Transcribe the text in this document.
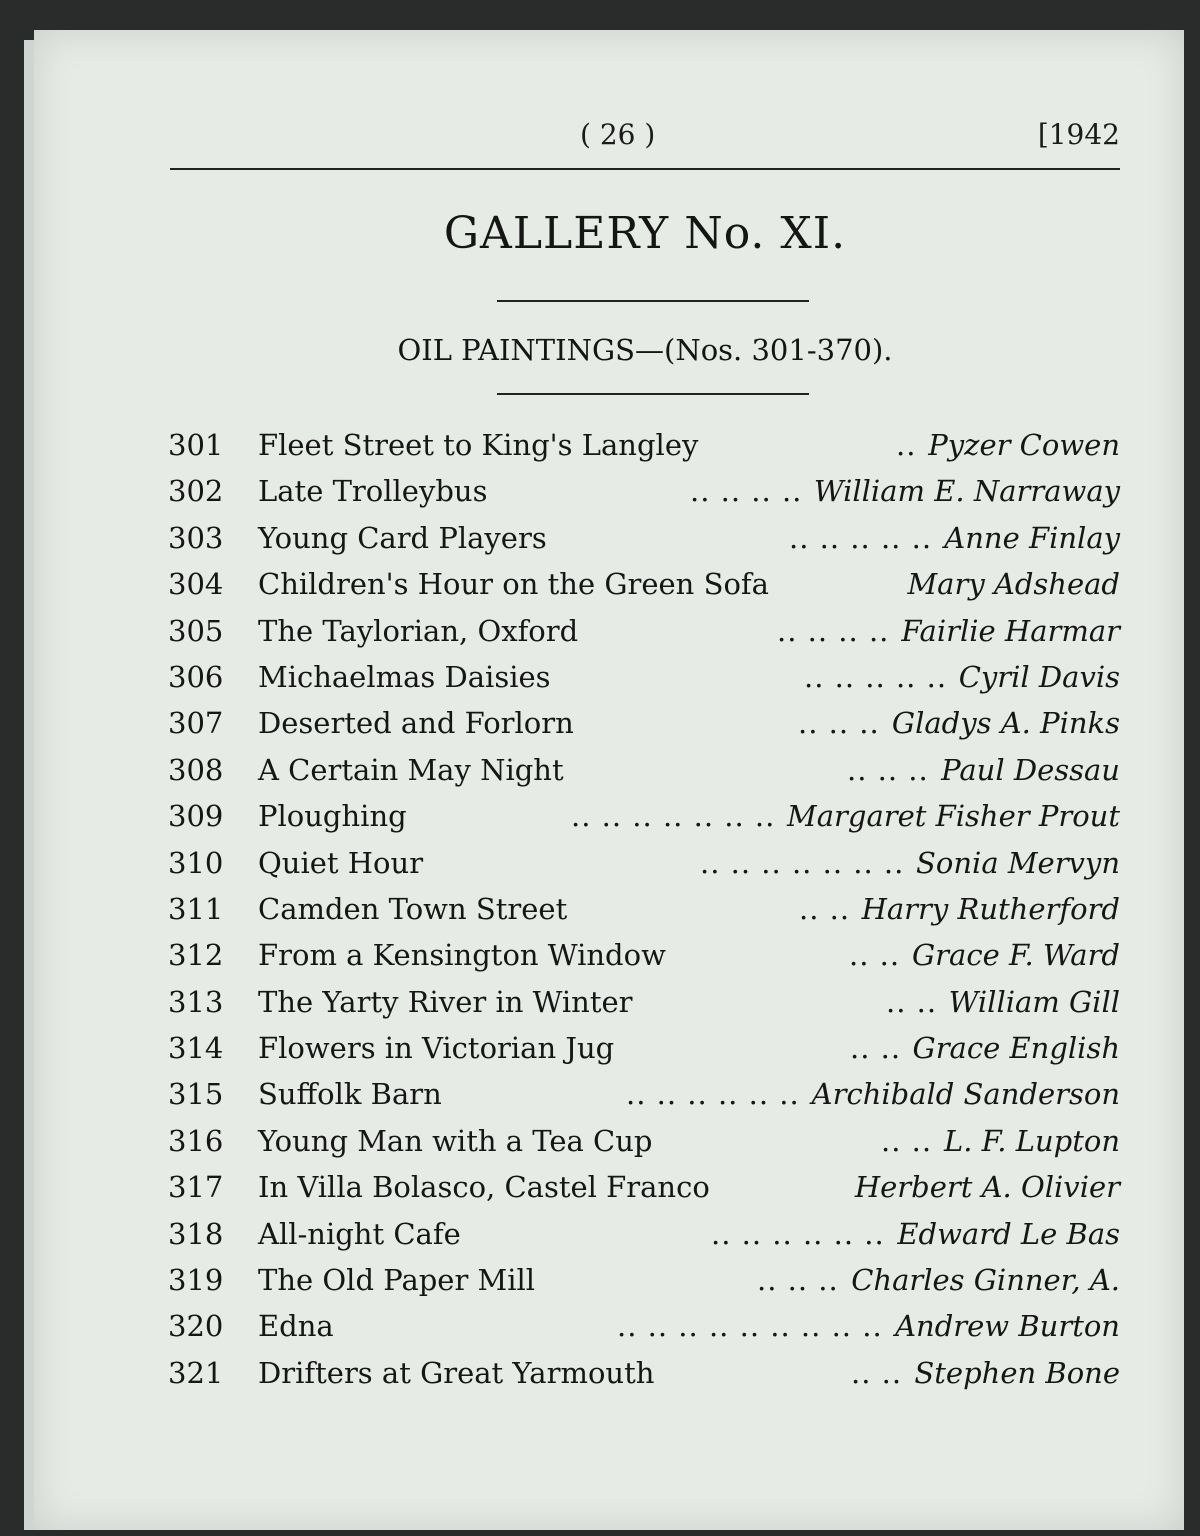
( 26 )	[1942
GALLERY No. XI.
OIL PAINTINGS—(Nos. 301-370).
301 Fleet Street to King's Langley	.. Pyzer Cowen
302 Late Trolleybus	.. .. .. .. William E. Narraway
303 Young Card Players	.. .. .. .. .. Anne Finlay
304 Children's Hour on the Green Sofa	Mary Adshead
305 The Taylorian, Oxford	.. .. .. .. Fairlie Harmar
306 Michaelmas Daisies	.. .. .. .. .. Cyril Davis
307 Deserted and Forlorn	.. .. .. Gladys A. Pinks
308 A Certain May Night	.. .. .. Paul Dessau
309 Ploughing	.. .. .. .. .. .. .. Margaret Fisher Prout
310 Quiet Hour	.. .. .. .. .. .. .. Sonia Mervyn
311 Camden Town Street	.. .. Harry Rutherford
312 From a Kensington Window	.. .. Grace F. Ward
313 The Yarty River in Winter	.. .. William Gill
314 Flowers in Victorian Jug	.. .. Grace English
315 Suffolk Barn	.. .. .. .. .. .. Archibald Sanderson
316 Young Man with a Tea Cup	.. .. L. F. Lupton
317 In Villa Bolasco, Castel Franco	Herbert A. Olivier
318 All-night Cafe	.. .. .. .. .. .. Edward Le Bas
319 The Old Paper Mill	.. .. .. Charles Ginner, A.
320 Edna	.. .. .. .. .. .. .. .. .. Andrew Burton
321 Drifters at Great Yarmouth	.. .. Stephen Bone
